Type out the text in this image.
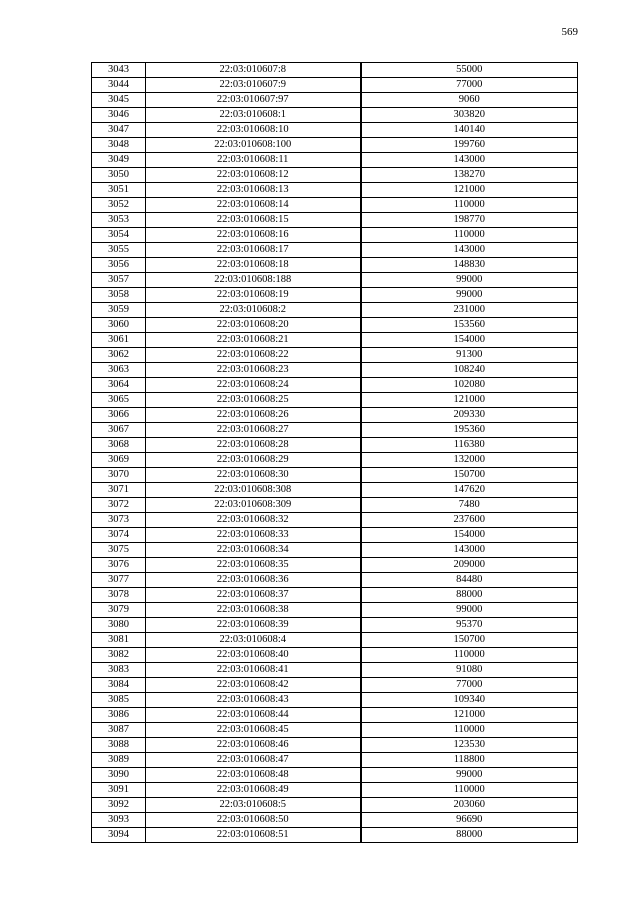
569
3043	22:03:010607:8	55000
3044	22:03:010607:9	77000
3045	22:03:010607:97	9060
3046	22:03:010608:1	303820
3047	22:03:010608:10	140140
3048	22:03:010608:100	199760
3049	22:03:010608:11	143000
3050	22:03:010608:12	138270
3051	22:03:010608:13	121000
3052	22:03:010608:14	110000
3053	22:03:010608:15	198770
3054	22:03:010608:16	110000
3055	22:03:010608:17	143000
3056	22:03:010608:18	148830
3057	22:03:010608:188	99000
3058	22:03:010608:19	99000
3059	22:03:010608:2	231000
3060	22:03:010608:20	153560
3061	22:03:010608:21	154000
3062	22:03:010608:22	91300
3063	22:03:010608:23	108240
3064	22:03:010608:24	102080
3065	22:03:010608:25	121000
3066	22:03:010608:26	209330
3067	22:03:010608:27	195360
3068	22:03:010608:28	116380
3069	22:03:010608:29	132000
3070	22:03:010608:30	150700
3071	22:03:010608:308	147620
3072	22:03:010608:309	7480
3073	22:03:010608:32	237600
3074	22:03:010608:33	154000
3075	22:03:010608:34	143000
3076	22:03:010608:35	209000
3077	22:03:010608:36	84480
3078	22:03:010608:37	88000
3079	22:03:010608:38	99000
3080	22:03:010608:39	95370
3081	22:03:010608:4	150700
3082	22:03:010608:40	110000
3083	22:03:010608:41	91080
3084	22:03:010608:42	77000
3085	22:03:010608:43	109340
3086	22:03:010608:44	121000
3087	22:03:010608:45	110000
3088	22:03:010608:46	123530
3089	22:03:010608:47	118800
3090	22:03:010608:48	99000
3091	22:03:010608:49	110000
3092	22:03:010608:5	203060
3093	22:03:010608:50	96690
3094	22:03:010608:51	88000
